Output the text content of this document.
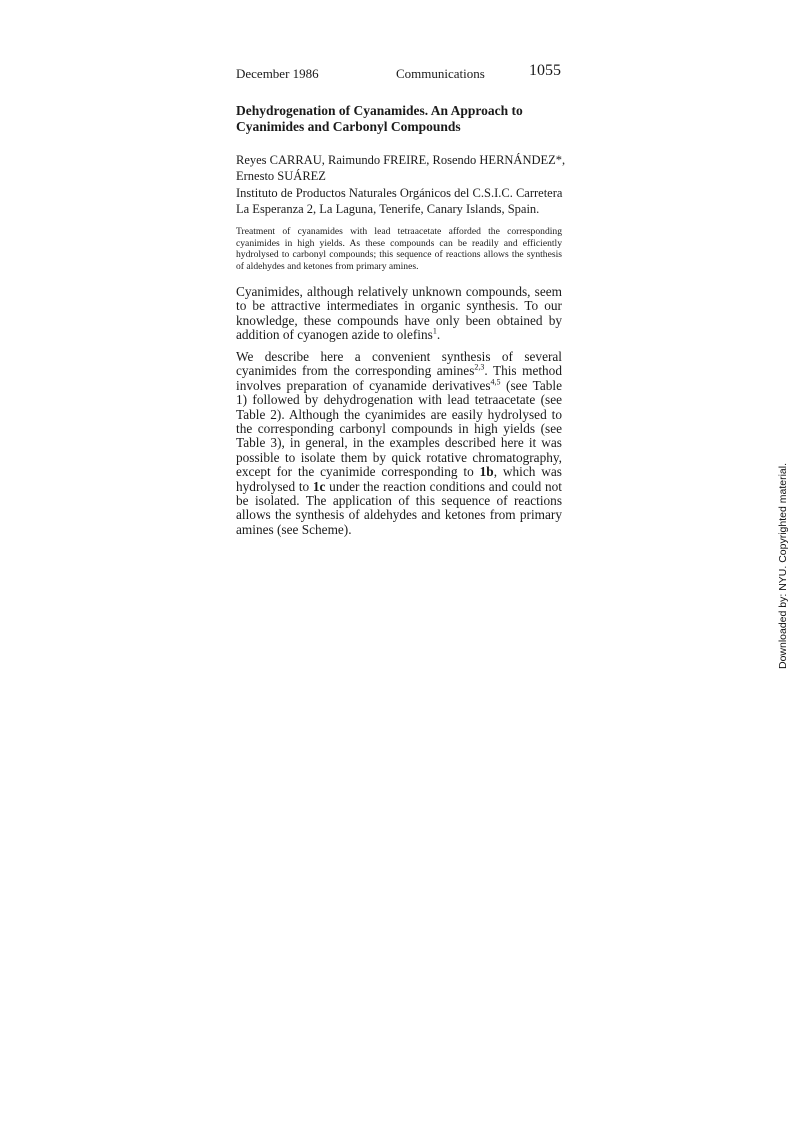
December 1986	Communications	1055
Dehydrogenation of Cyanamides. An Approach to Cyanimides and Carbonyl Compounds
Reyes CARRAU, Raimundo FREIRE, Rosendo HERNÁNDEZ*, Ernesto SUÁREZ
Instituto de Productos Naturales Orgánicos del C.S.I.C. Carretera La Esperanza 2, La Laguna, Tenerife, Canary Islands, Spain.
Treatment of cyanamides with lead tetraacetate afforded the corresponding cyanimides in high yields. As these compounds can be readily and efficiently hydrolysed to carbonyl compounds; this sequence of reactions allows the synthesis of aldehydes and ketones from primary amines.
Cyanimides, although relatively unknown compounds, seem to be attractive intermediates in organic synthesis. To our knowledge, these compounds have only been obtained by addition of cyanogen azide to olefins$^1$.
We describe here a convenient synthesis of several cyanimides from the corresponding amines$^{2,3}$. This method involves preparation of cyanamide derivatives$^{4,5}$ (see Table 1) followed by dehydrogenation with lead tetraacetate (see Table 2). Although the cyanimides are easily hydrolysed to the corresponding carbonyl compounds in high yields (see Table 3), in general, in the examples described here it was possible to isolate them by quick rotative chromatography, except for the cyanimide corresponding to 1b, which was hydrolysed to 1c under the reaction conditions and could not be isolated. The application of this sequence of reactions allows the synthesis of aldehydes and ketones from primary amines (see Scheme).	Downloaded by: NYU. Copyrighted material.
